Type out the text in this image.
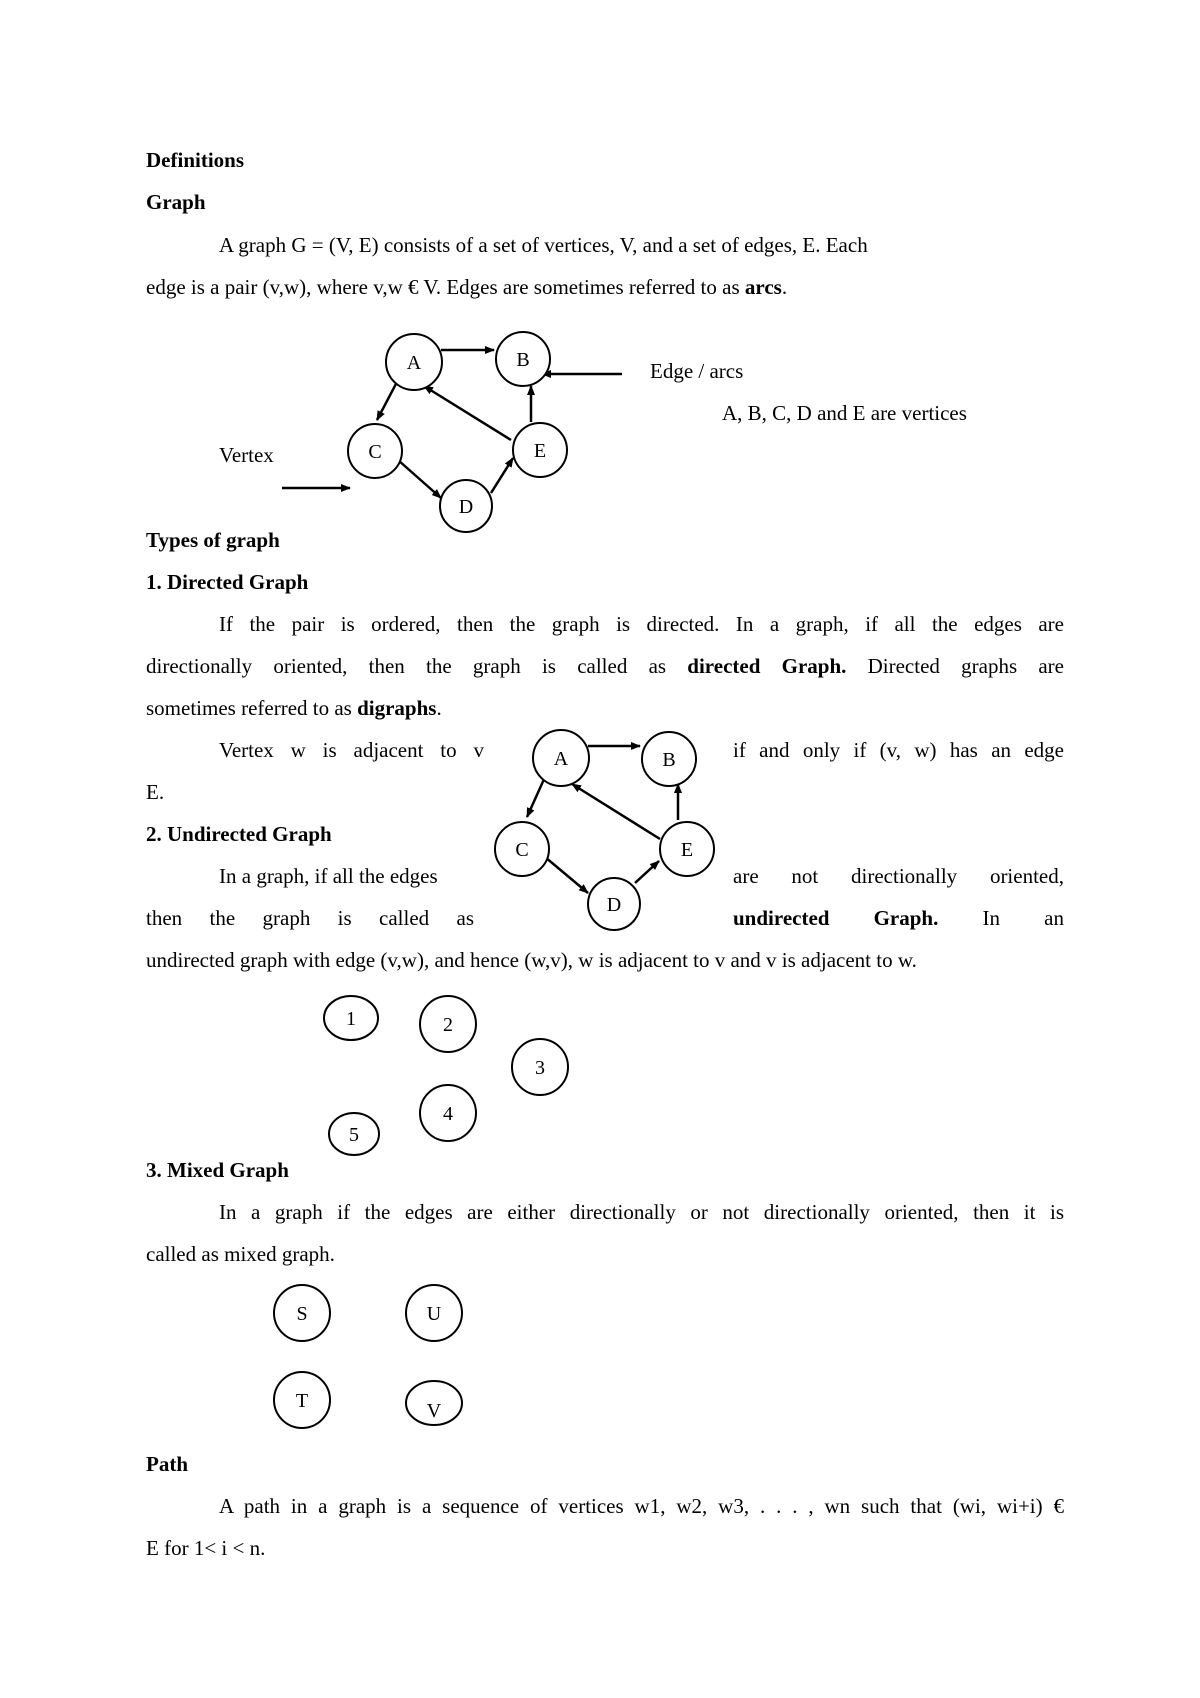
Definitions
Graph
A graph G = (V, E) consists of a set of vertices, V, and a set of edges, E. Each
edge is a pair (v,w), where v,w € V. Edges are sometimes referred to as arcs.
Edge / arcs
A, B, C, D and E are vertices
Vertex
A	B
C
D
E
Types of graph
1. Directed Graph
If the pair is ordered, then the graph is directed. In a graph, if all the edges are
directionally oriented, then the graph is called as directed Graph. Directed graphs are
sometimes referred to as digraphs.
Vertex w is adjacent to v	if and only if (v, w) has an edge
E.
A	B
C
D
E
2. Undirected Graph
In a graph, if all the edges	are not directionally oriented,
then the graph is called as	undirected Graph. In an
undirected graph with edge (v,w), and hence (w,v), w is adjacent to v and v is adjacent to w.
1	2
3
4
5
3. Mixed Graph
In a graph if the edges are either directionally or not directionally oriented, then it is
called as mixed graph.
S	U
T	V
Path
A path in a graph is a sequence of vertices w1, w2, w3, . . . , wn such that (wi, wi+i) €
E for 1< i < n.
